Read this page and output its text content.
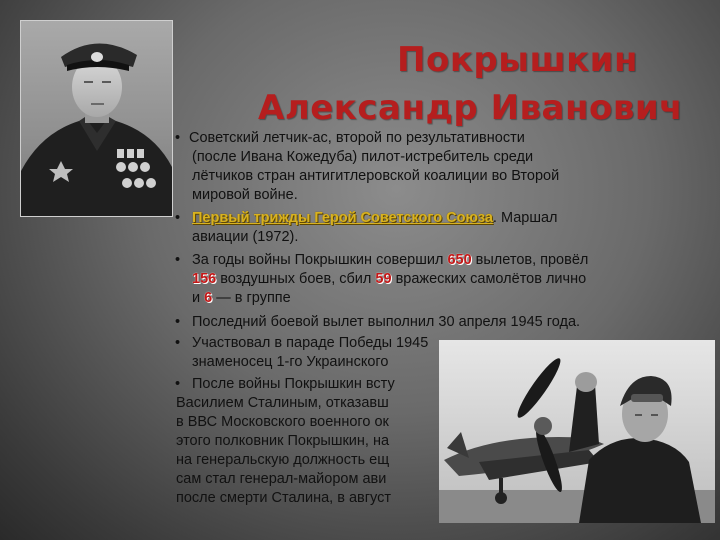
Покрышкин
Александр Иванович
• Советский летчик-ас, второй по результативности
(после Ивана Кожедуба) пилот-истребитель среди
лётчиков стран антигитлеровской коалиции во Второй
мировой войне.
• Первый трижды Герой Советского Союза. Маршал
авиации (1972).
• За годы войны Покрышкин совершил 650 вылетов, провёл
156 воздушных боев, сбил 59 вражеских самолётов лично
и 6 — в группе
• Последний боевой вылет выполнил 30 апреля 1945 года.
• Участвовал в параде Победы 1945
знаменосец 1-го Украинского
• После войны Покрышкин всту
Василием Сталиным, отказавш
в ВВС Московского военного ок
этого полковник Покрышкин, на
на генеральскую должность ещ
сам стал генерал-майором ави
после смерти Сталина, в август
